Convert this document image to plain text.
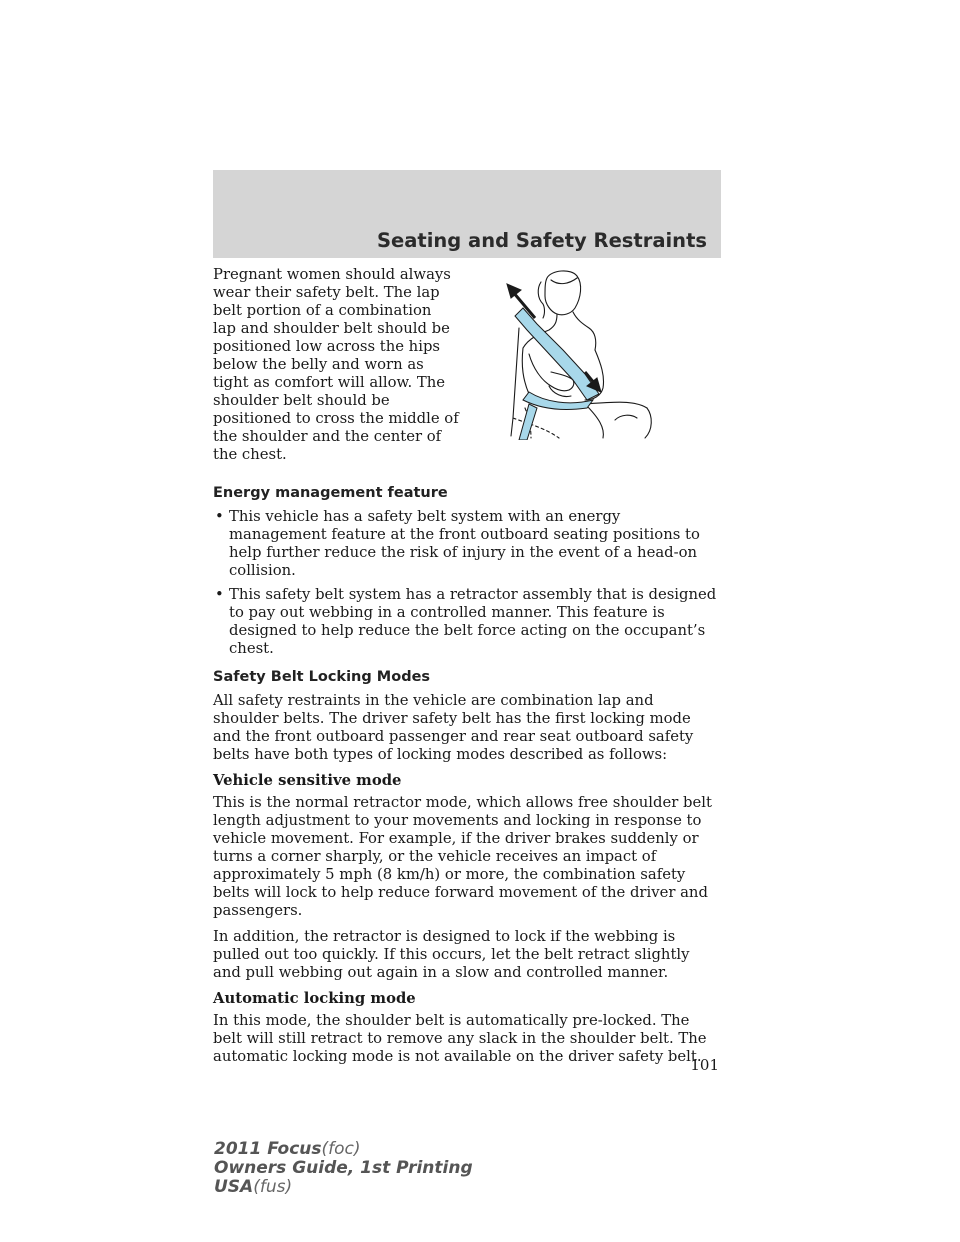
Seating and Safety Restraints

Pregnant women should always wear their safety belt. The lap belt portion of a combination lap and shoulder belt should be positioned low across the hips below the belly and worn as tight as comfort will allow. The shoulder belt should be positioned to cross the middle of the shoulder and the center of the chest.

Energy management feature
• This vehicle has a safety belt system with an energy management feature at the front outboard seating positions to help further reduce the risk of injury in the event of a head-on collision.
• This safety belt system has a retractor assembly that is designed to pay out webbing in a controlled manner. This feature is designed to help reduce the belt force acting on the occupant’s chest.
Safety Belt Locking Modes

All safety restraints in the vehicle are combination lap and shoulder belts. The driver safety belt has the first locking mode and the front outboard passenger and rear seat outboard safety belts have both types of locking modes described as follows:

Vehicle sensitive mode

This is the normal retractor mode, which allows free shoulder belt length adjustment to your movements and locking in response to vehicle movement. For example, if the driver brakes suddenly or turns a corner sharply, or the vehicle receives an impact of approximately 5 mph (8 km/h) or more, the combination safety belts will lock to help reduce forward movement of the driver and passengers.

In addition, the retractor is designed to lock if the webbing is pulled out too quickly. If this occurs, let the belt retract slightly and pull webbing out again in a slow and controlled manner.

Automatic locking mode

In this mode, the shoulder belt is automatically pre-locked. The belt will still retract to remove any slack in the shoulder belt. The automatic locking mode is not available on the driver safety belt.

101
2011 Focus(foc)
Owners Guide, 1st Printing
USA(fus)
